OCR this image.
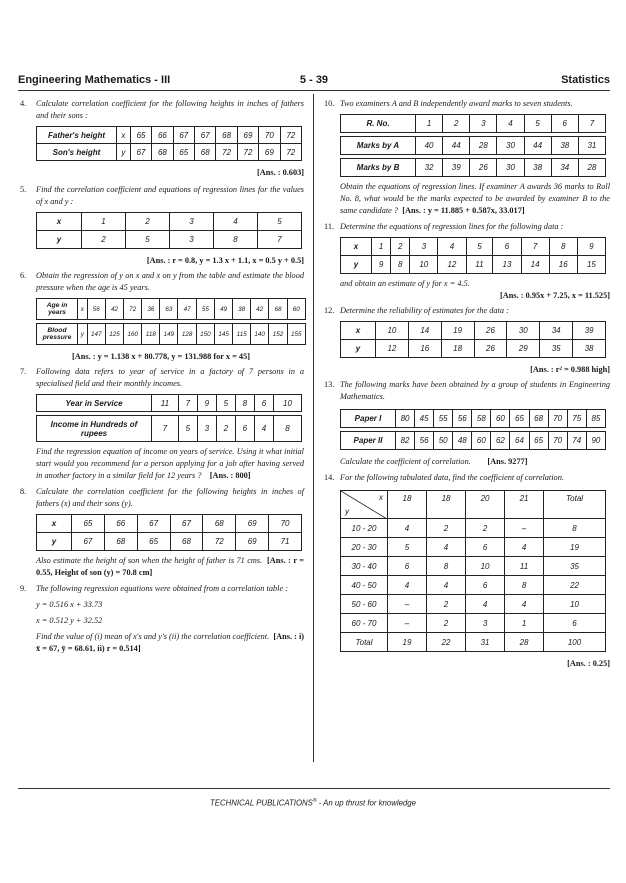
Engineering Mathematics - III	5 - 39	Statistics
4. Calculate correlation coefficient for the following heights in inches of fathers and their sons :
Father's height	x	65	66	67	67	68	69	70	72
Son's height	y	67	68	65	68	72	72	69	72
[Ans. : 0.603]
5. Find the correlation coefficient and equations of regression lines for the values of x and y :
x	1	2	3	4	5
y	2	5	3	8	7
[Ans. : r = 0.8, y = 1.3 x + 1.1, x = 0.5 y + 0.5]
6. Obtain the regression of y on x and x on y from the table and estimate the blood pressure when the age is 45 years.
Age in years	x	56	42	72	36	63	47	55	49	38	42	68	60

Blood pressure	y	147	125	160	118	149	128	150	145	115	140	152	155
[Ans. : y = 1.138 x + 80.778, y = 131.988 for x = 45]
7. Following data refers to year of service in a factory of 7 persons in a specialised field and their monthly incomes.
Year in Service	11	7	9	5	8	6	10

Income in Hundreds of rupees	7	5	3	2	6	4	8

Find the regression equation of income on years of service. Using it what initial start would you recommend for a person applying for a job after having served in another factory in a similar field for 12 years ? [Ans. : 800]

8. Calculate the correlation coefficient for the following heights in inches of fathers (x) and their sons (y).
x	65	66	67	67	68	69	70
y	67	68	65	68	72	69	71

Also estimate the height of son when the height of father is 71 cms. [Ans. : r = 0.55, Height of son (y) = 70.8 cm]

9. The following regression equations were obtained from a correlation table :
y = 0.516 x + 33.73
x = 0.512 y + 32.52

Find the value of (i) mean of x's and y's (ii) the correlation coefficient. [Ans. : i) x̄ = 67, ȳ = 68.61, ii) r = 0.514]

10. Two examiners A and B independently award marks to seven students.
R. No.	1	2	3	4	5	6	7

Marks by A	40	44	28	30	44	38	31

Marks by B	32	39	26	30	38	34	28

Obtain the equations of regression lines. If examiner A awards 36 marks to Roll No. 8, what would be the marks expected to be awarded by examiner B to the same candidate ? [Ans. : y = 11.885 + 0.587x, 33.017]

11. Determine the equations of regression lines for the following data :
x	1	2	3	4	5	6	7	8	9
y	9	8	10	12	11	13	14	16	15

and obtain an estimate of y for x = 4.5.

[Ans. : 0.95x + 7.25, x = 11.525]
12. Determine the reliability of estimates for the data :
x	10	14	19	26	30	34	39
y	12	16	18	26	29	35	38
[Ans. : r² = 0.988 high]
13. The following marks have been obtained by a group of students in Engineering Mathematics.
Paper I	80	45	55	56	58	60	65	68	70	75	85

Paper II	82	56	50	48	60	62	64	65	70	74	90

Calculate the coefficient of correlation. [Ans. 9277]

14. For the following tabulated data, find the coefficient of correlation.
x
y	18	18	20	21	Total
10 - 20	4	2	2	–	8
20 - 30	5	4	6	4	19
30 - 40	6	8	10	11	35
40 - 50	4	4	6	8	22
50 - 60	–	2	4	4	10
60 - 70	–	2	3	1	6
Total	19	22	31	28	100
[Ans. : 0.25]
TECHNICAL PUBLICATIONS® - An up thrust for knowledge
